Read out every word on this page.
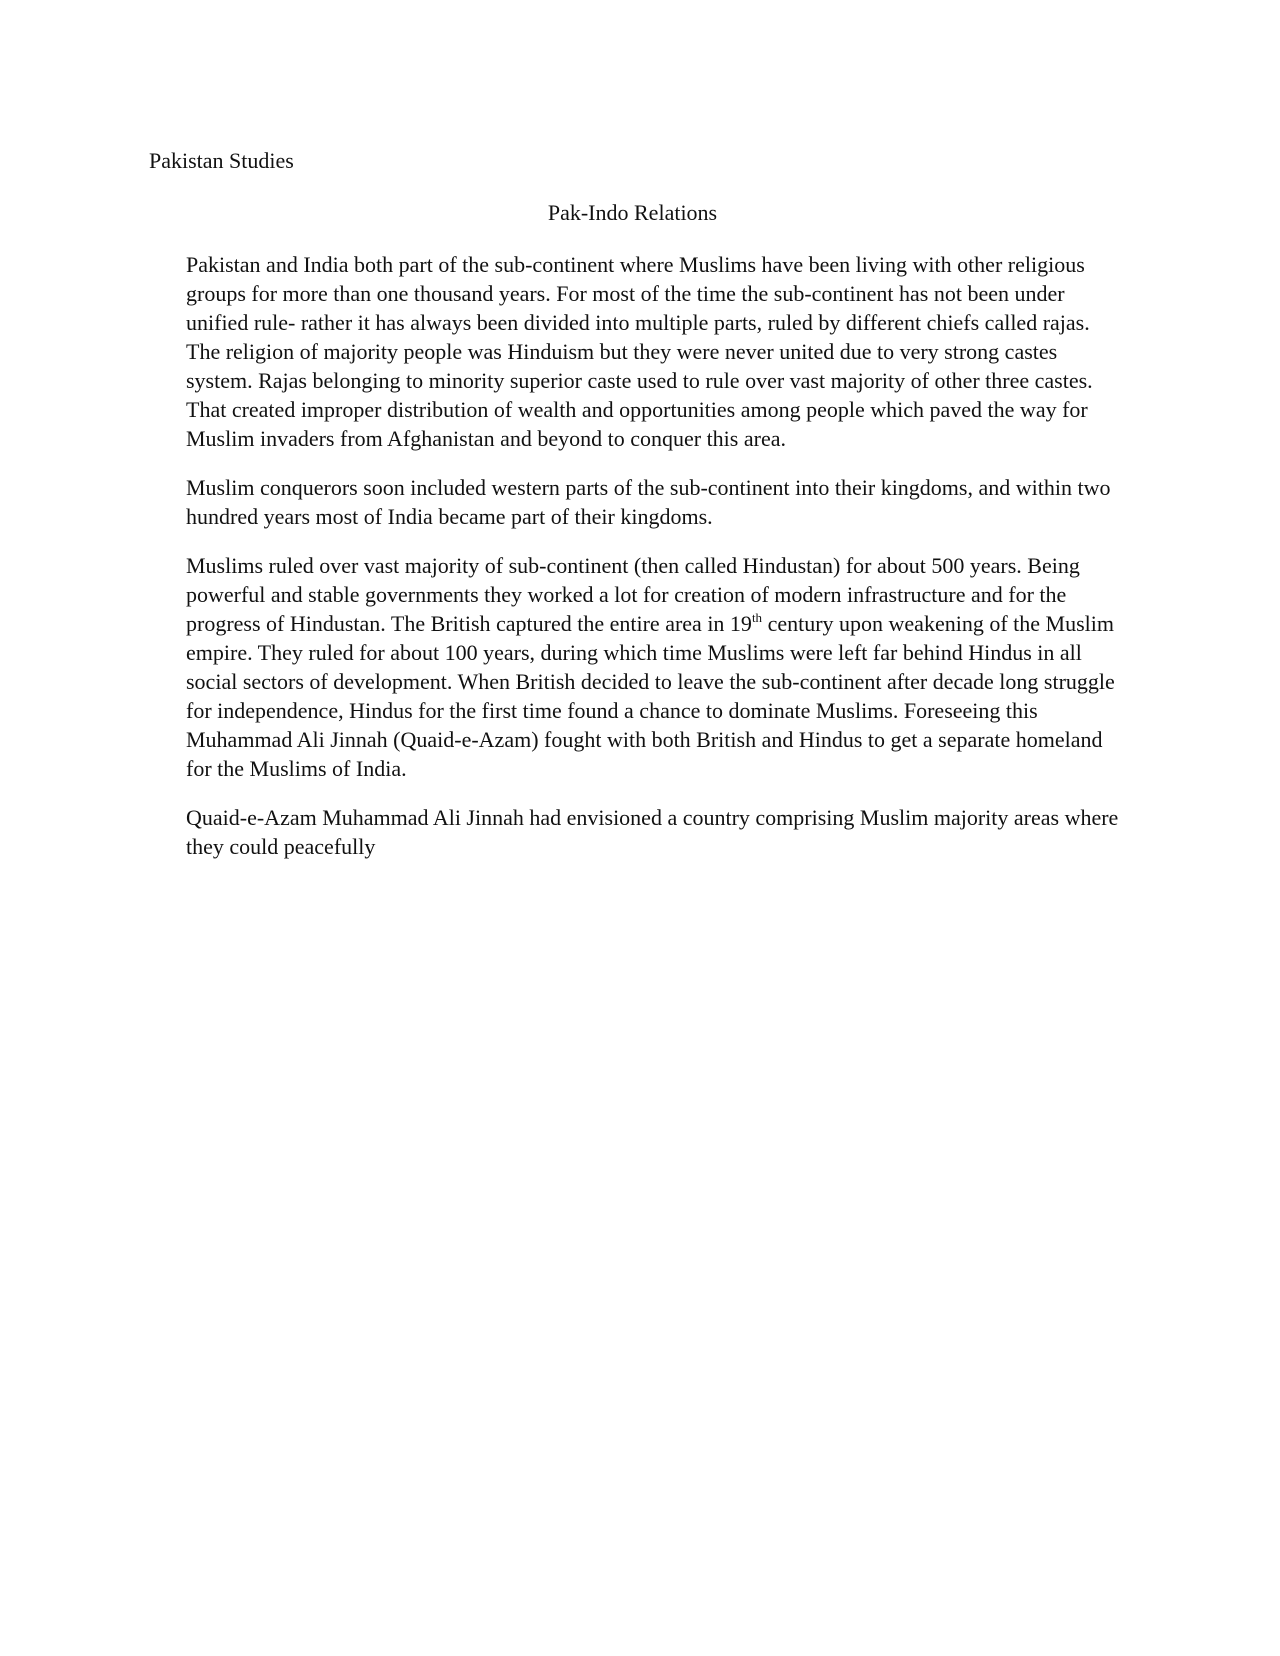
Pakistan Studies
Pak-Indo Relations

Pakistan and India both part of the sub-continent where Muslims have been living with other religious groups for more than one thousand years. For most of the time the sub-continent has not been under unified rule- rather it has always been divided into multiple parts, ruled by different chiefs called rajas. The religion of majority people was Hinduism but they were never united due to very strong castes system. Rajas belonging to minority superior caste used to rule over vast majority of other three castes. That created improper distribution of wealth and opportunities among people which paved the way for Muslim invaders from Afghanistan and beyond to conquer this area.

Muslim conquerors soon included western parts of the sub-continent into their kingdoms, and within two hundred years most of India became part of their kingdoms.

Muslims ruled over vast majority of sub-continent (then called Hindustan) for about 500 years. Being powerful and stable governments they worked a lot for creation of modern infrastructure and for the progress of Hindustan. The British captured the entire area in 19th century upon weakening of the Muslim empire. They ruled for about 100 years, during which time Muslims were left far behind Hindus in all social sectors of development. When British decided to leave the sub-continent after decade long struggle for independence, Hindus for the first time found a chance to dominate Muslims. Foreseeing this Muhammad Ali Jinnah (Quaid-e-Azam) fought with both British and Hindus to get a separate homeland for the Muslims of India.

Quaid-e-Azam Muhammad Ali Jinnah had envisioned a country comprising Muslim majority areas where they could peacefully
